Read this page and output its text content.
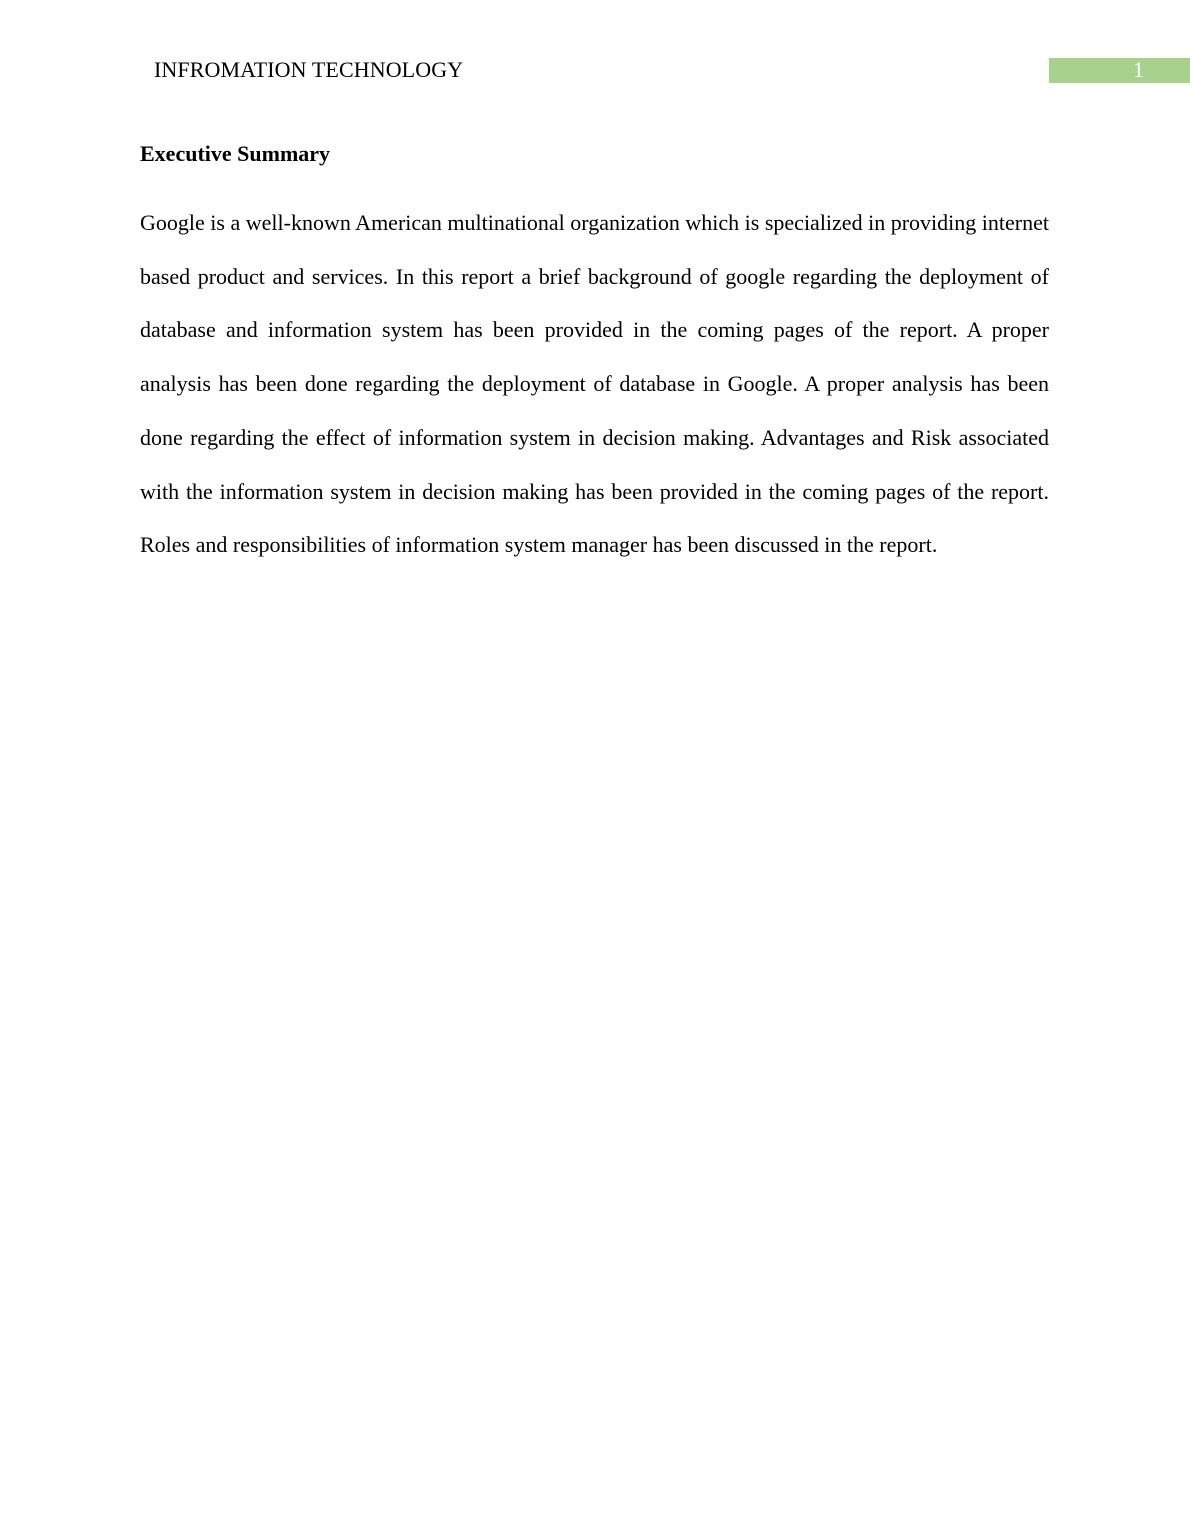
INFROMATION TECHNOLOGY	1
Executive Summary

Google is a well-known American multinational organization which is specialized in providing internet based product and services. In this report a brief background of google regarding the deployment of database and information system has been provided in the coming pages of the report. A proper analysis has been done regarding the deployment of database in Google. A proper analysis has been done regarding the effect of information system in decision making. Advantages and Risk associated with the information system in decision making has been provided in the coming pages of the report. Roles and responsibilities of information system manager has been discussed in the report.
